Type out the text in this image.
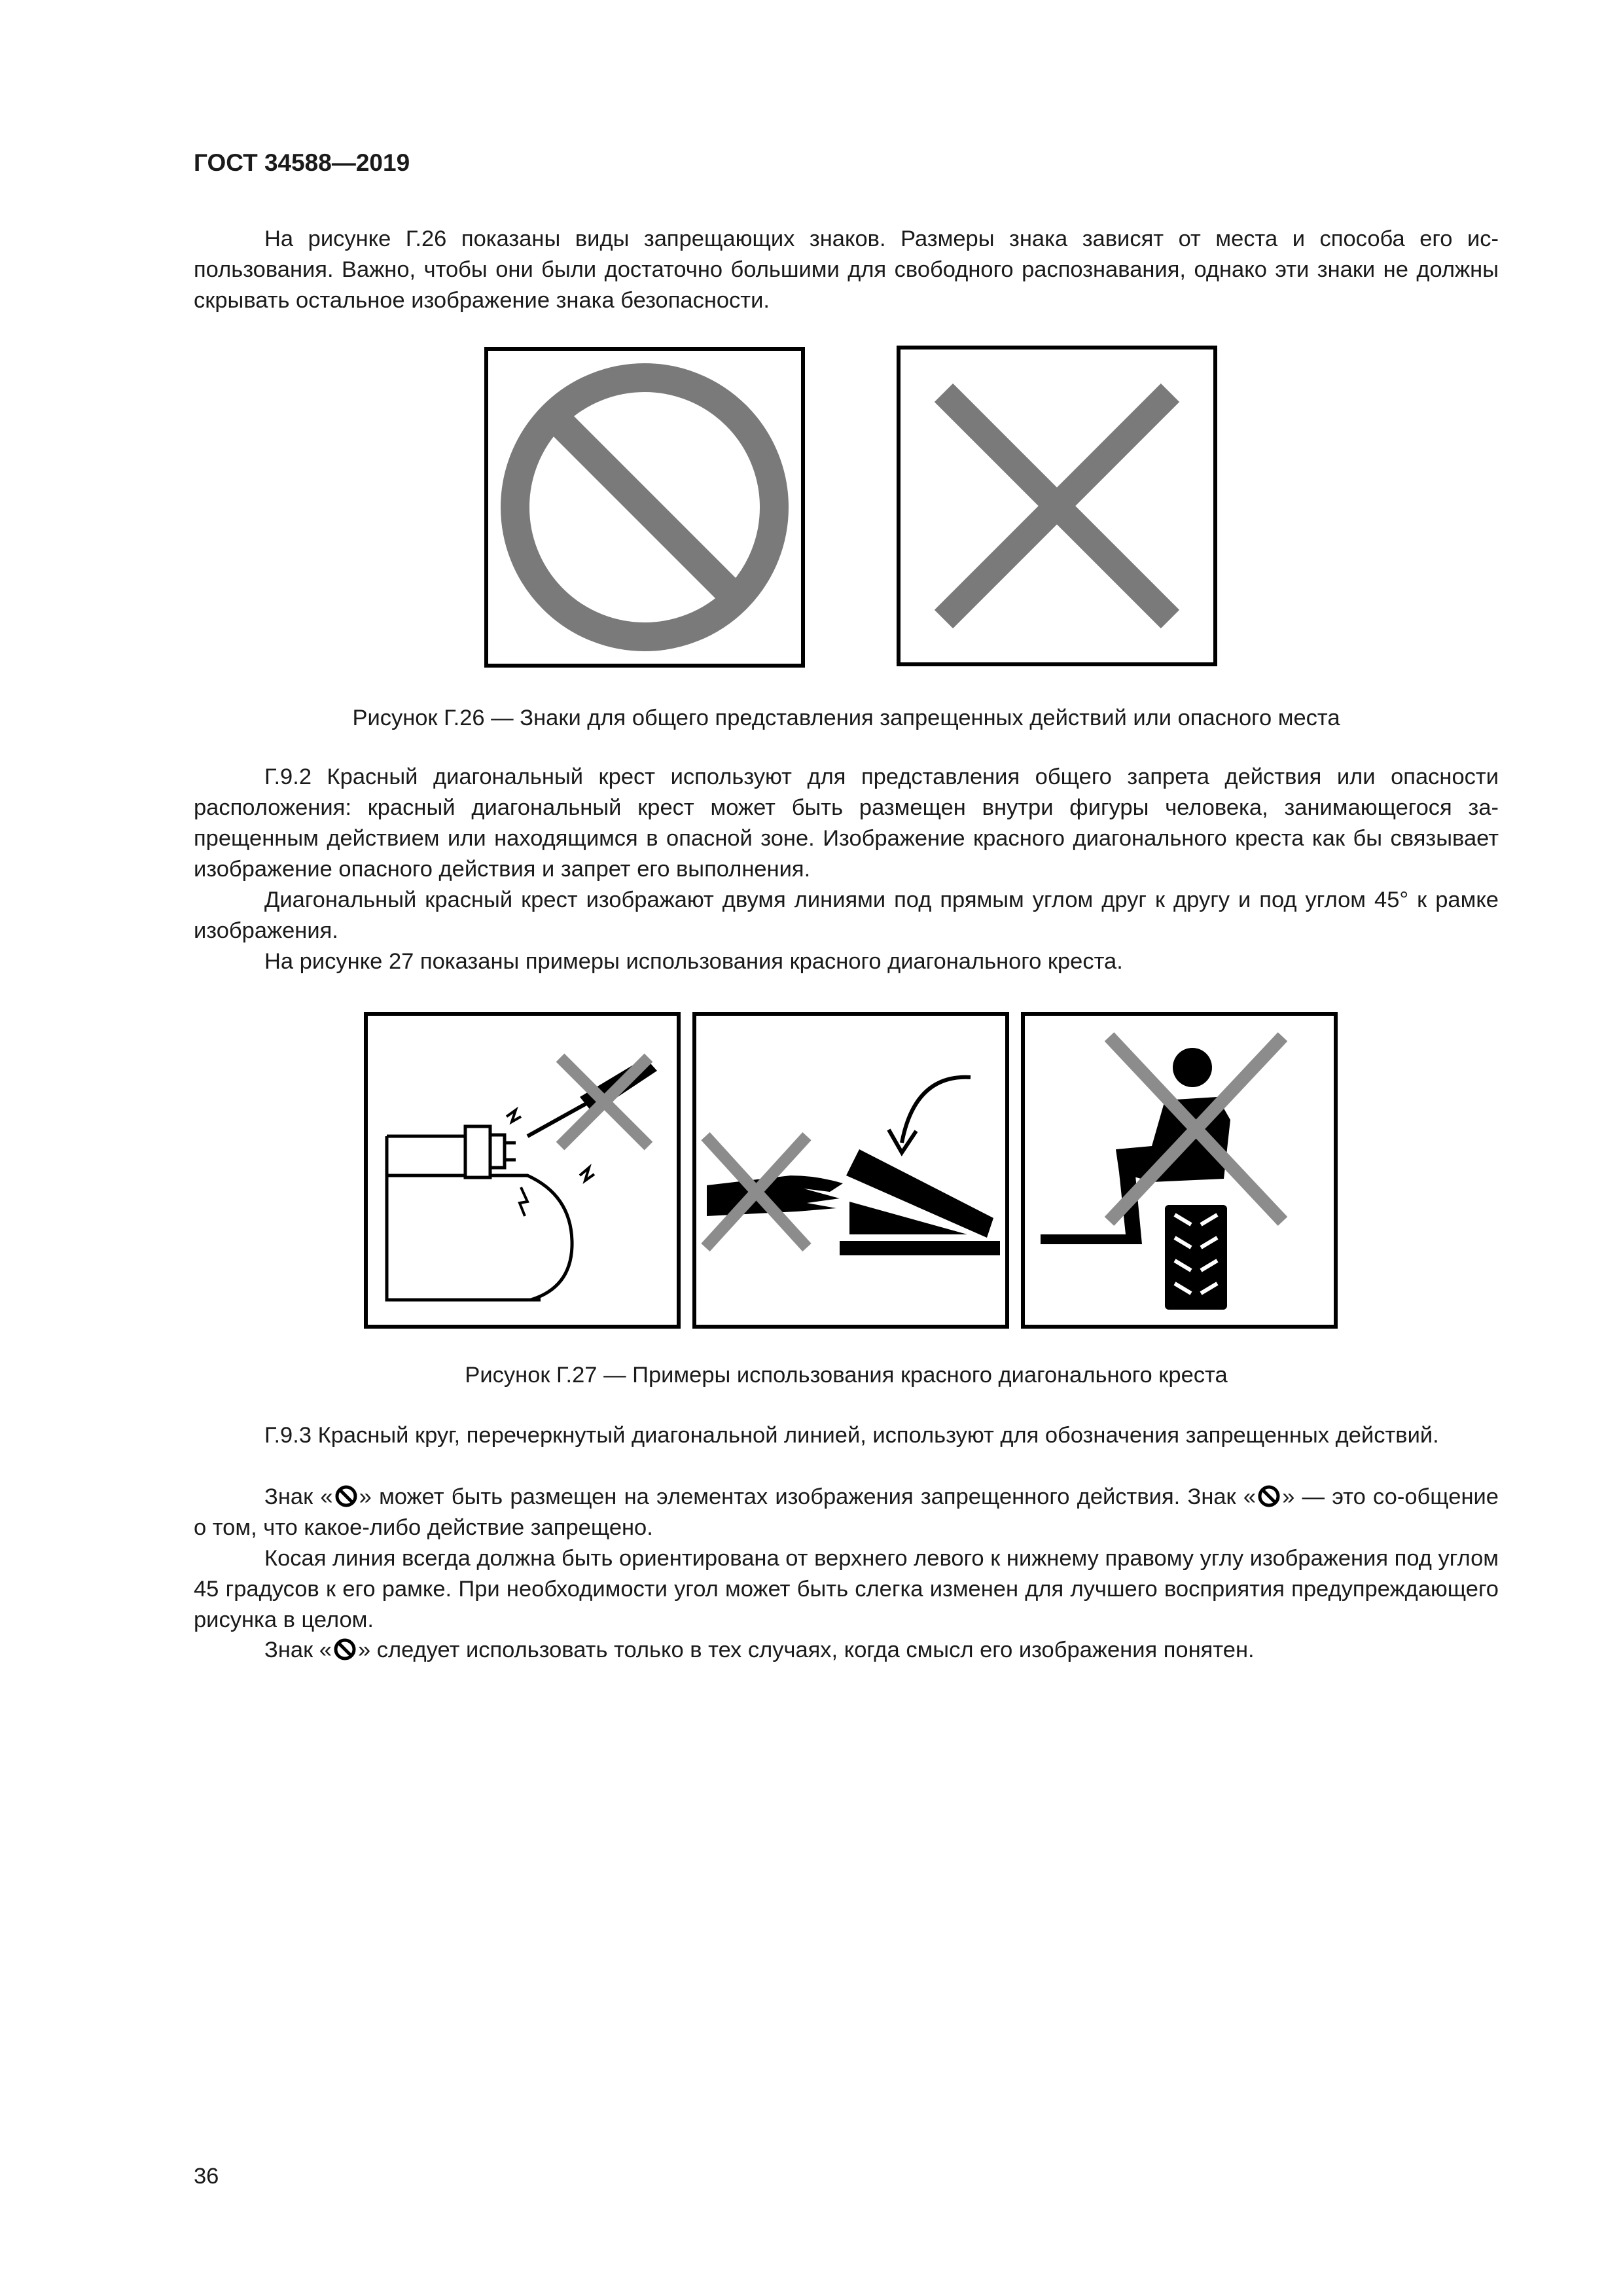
ГОСТ 34588—2019

На рисунке Г.26 показаны виды запрещающих знаков. Размеры знака зависят от места и способа его ис-пользования. Важно, чтобы они были достаточно большими для свободного распознавания, однако эти знаки не должны скрывать остальное изображение знака безопасности.

Рисунок Г.26 — Знаки для общего представления запрещенных действий или опасного места

Г.9.2 Красный диагональный крест используют для представления общего запрета действия или опасности расположения: красный диагональный крест может быть размещен внутри фигуры человека, занимающегося за-прещенным действием или находящимся в опасной зоне. Изображение красного диагонального креста как бы связывает изображение опасного действия и запрет его выполнения.

Диагональный красный крест изображают двумя линиями под прямым углом друг к другу и под углом 45° к рамке изображения.

На рисунке 27 показаны примеры использования красного диагонального креста.

Рисунок Г.27 — Примеры использования красного диагонального креста

Г.9.3 Красный круг, перечеркнутый диагональной линией, используют для обозначения запрещенных действий.

Знак « » может быть размещен на элементах изображения запрещенного действия. Знак « » — это со-общение о том, что какое-либо действие запрещено.

Косая линия всегда должна быть ориентирована от верхнего левого к нижнему правому углу изображения под углом 45 градусов к его рамке. При необходимости угол может быть слегка изменен для лучшего восприятия предупреждающего рисунка в целом.

Знак « » следует использовать только в тех случаях, когда смысл его изображения понятен.

36
